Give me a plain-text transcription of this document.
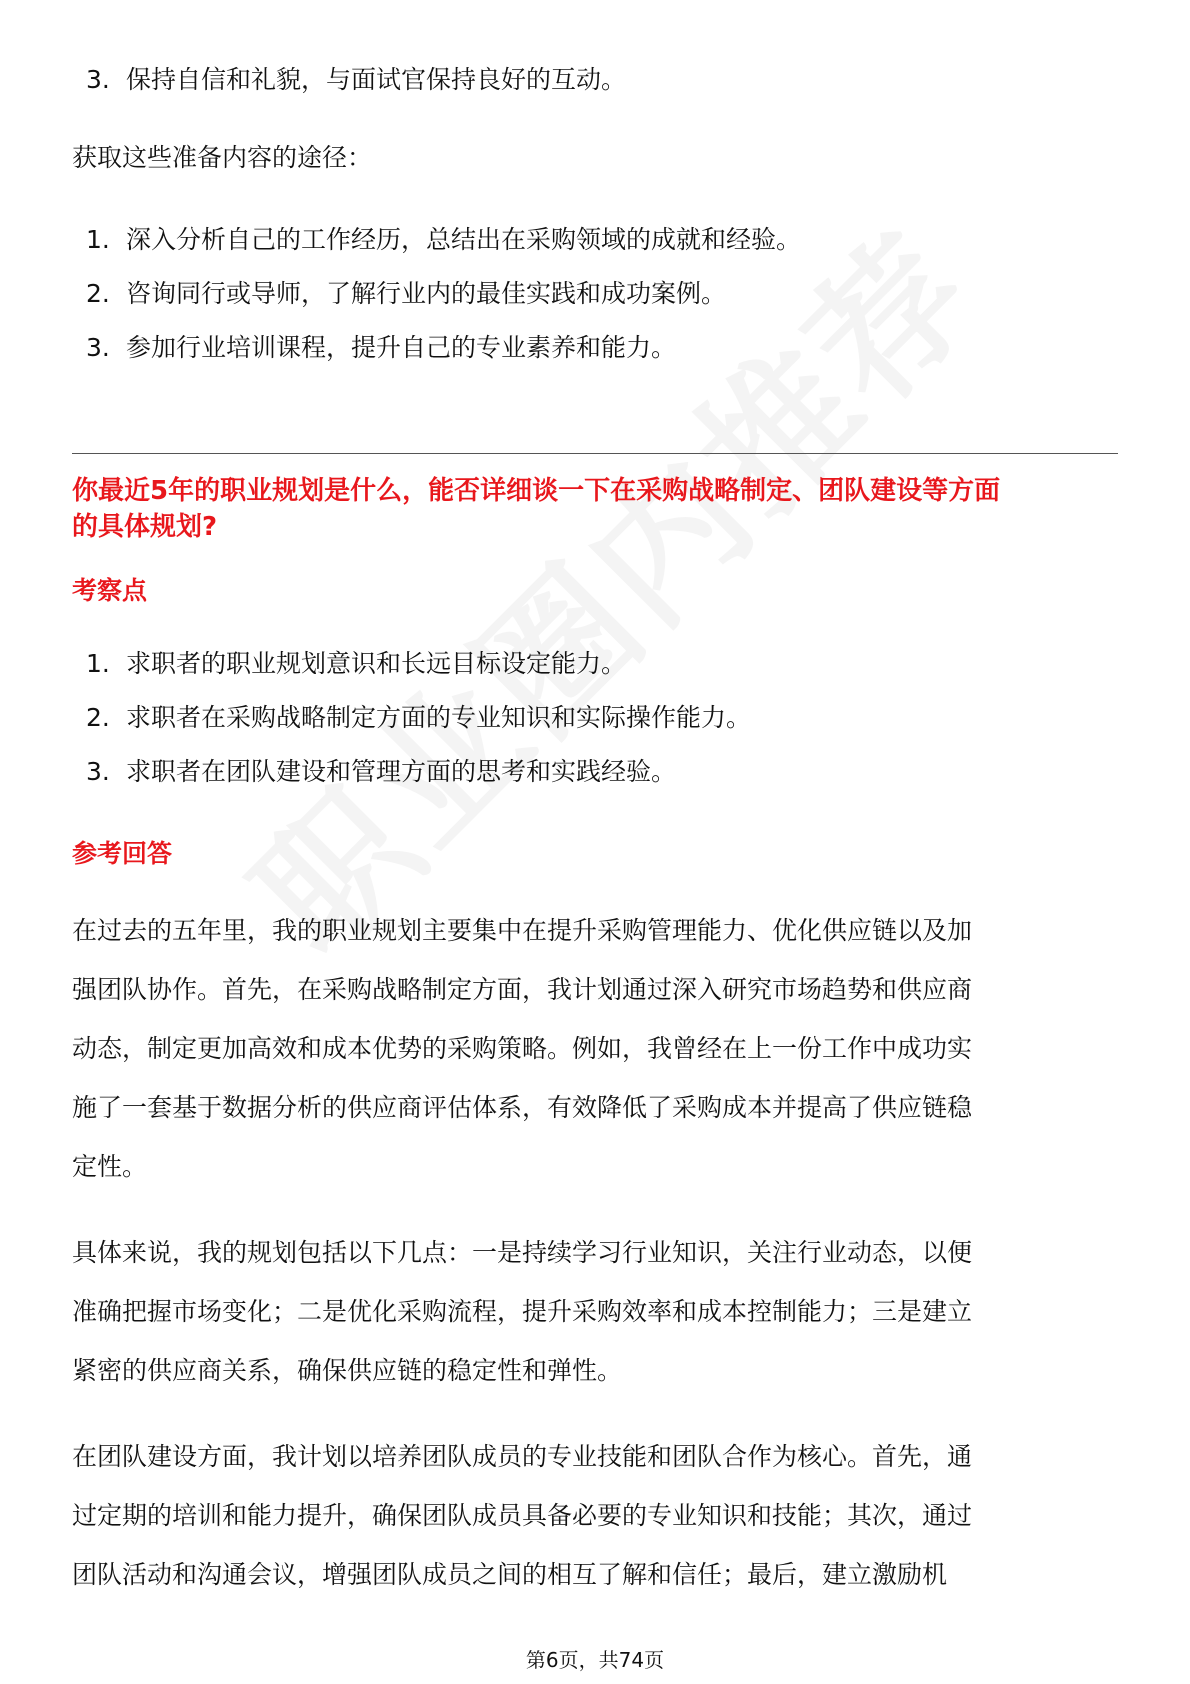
3. 保持自信和礼貌，与面试官保持良好的互动。
获取这些准备内容的途径：
1. 深入分析自己的工作经历，总结出在采购领域的成就和经验。
2. 咨询同行或导师，了解行业内的最佳实践和成功案例。
3. 参加行业培训课程，提升自己的专业素养和能力。
你最近5年的职业规划是什么，能否详细谈一下在采购战略制定、团队建设等方面
的具体规划?
考察点
1. 求职者的职业规划意识和长远目标设定能力。
2. 求职者在采购战略制定方面的专业知识和实际操作能力。
3. 求职者在团队建设和管理方面的思考和实践经验。
参考回答
在过去的五年里，我的职业规划主要集中在提升采购管理能力、优化供应链以及加
强团队协作。首先，在采购战略制定方面，我计划通过深入研究市场趋势和供应商
动态，制定更加高效和成本优势的采购策略。例如，我曾经在上一份工作中成功实
施了一套基于数据分析的供应商评估体系，有效降低了采购成本并提高了供应链稳
定性。
具体来说，我的规划包括以下几点：一是持续学习行业知识，关注行业动态，以便
准确把握市场变化；二是优化采购流程，提升采购效率和成本控制能力；三是建立
紧密的供应商关系，确保供应链的稳定性和弹性。
在团队建设方面，我计划以培养团队成员的专业技能和团队合作为核心。首先，通
过定期的培训和能力提升，确保团队成员具备必要的专业知识和技能；其次，通过
团队活动和沟通会议，增强团队成员之间的相互了解和信任；最后，建立激励机
第6页，共74页
